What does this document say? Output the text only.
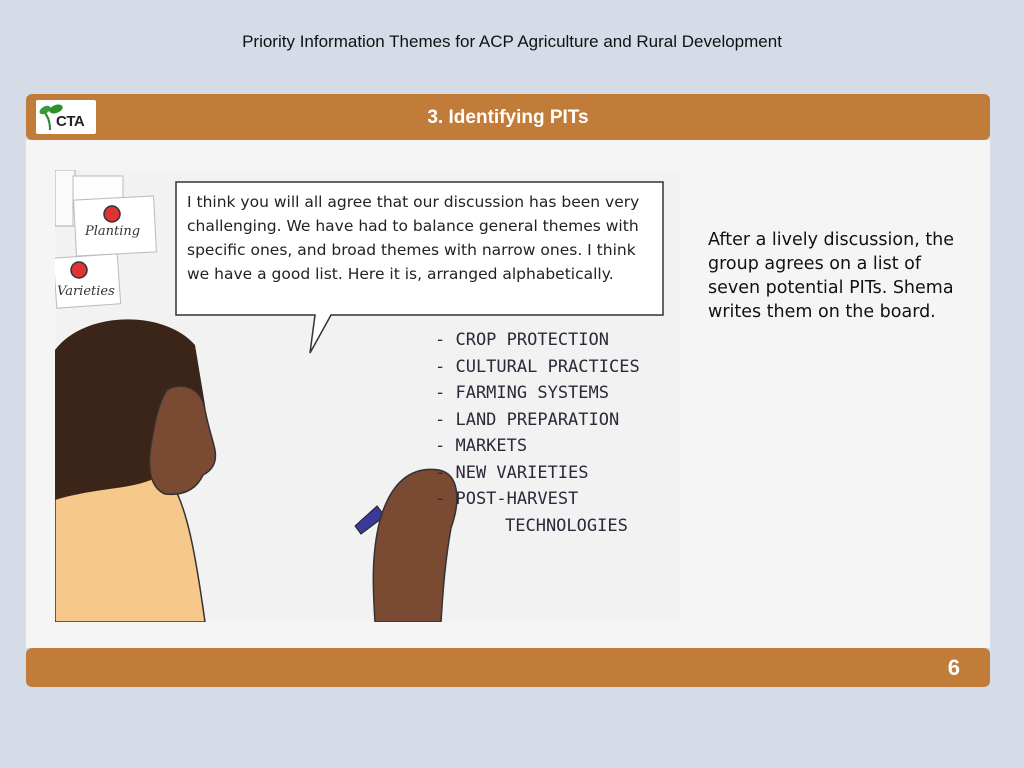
Priority Information Themes for ACP Agriculture and Rural Development
CTA	3. Identifying PITs
I think you will all agree that our discussion has been very challenging. We have had to balance general themes with specific ones, and broad themes with narrow ones. I think we have a good list. Here it is, arranged alphabetically.
Planting
Varieties
- CROP PROTECTION
- CULTURAL PRACTICES
- FARMING SYSTEMS
- LAND PREPARATION
- MARKETS
- NEW VARIETIES
- POST-HARVEST
TECHNOLOGIES
After a lively discussion, the group agrees on a list of seven potential PITs. Shema writes them on the board.
6
